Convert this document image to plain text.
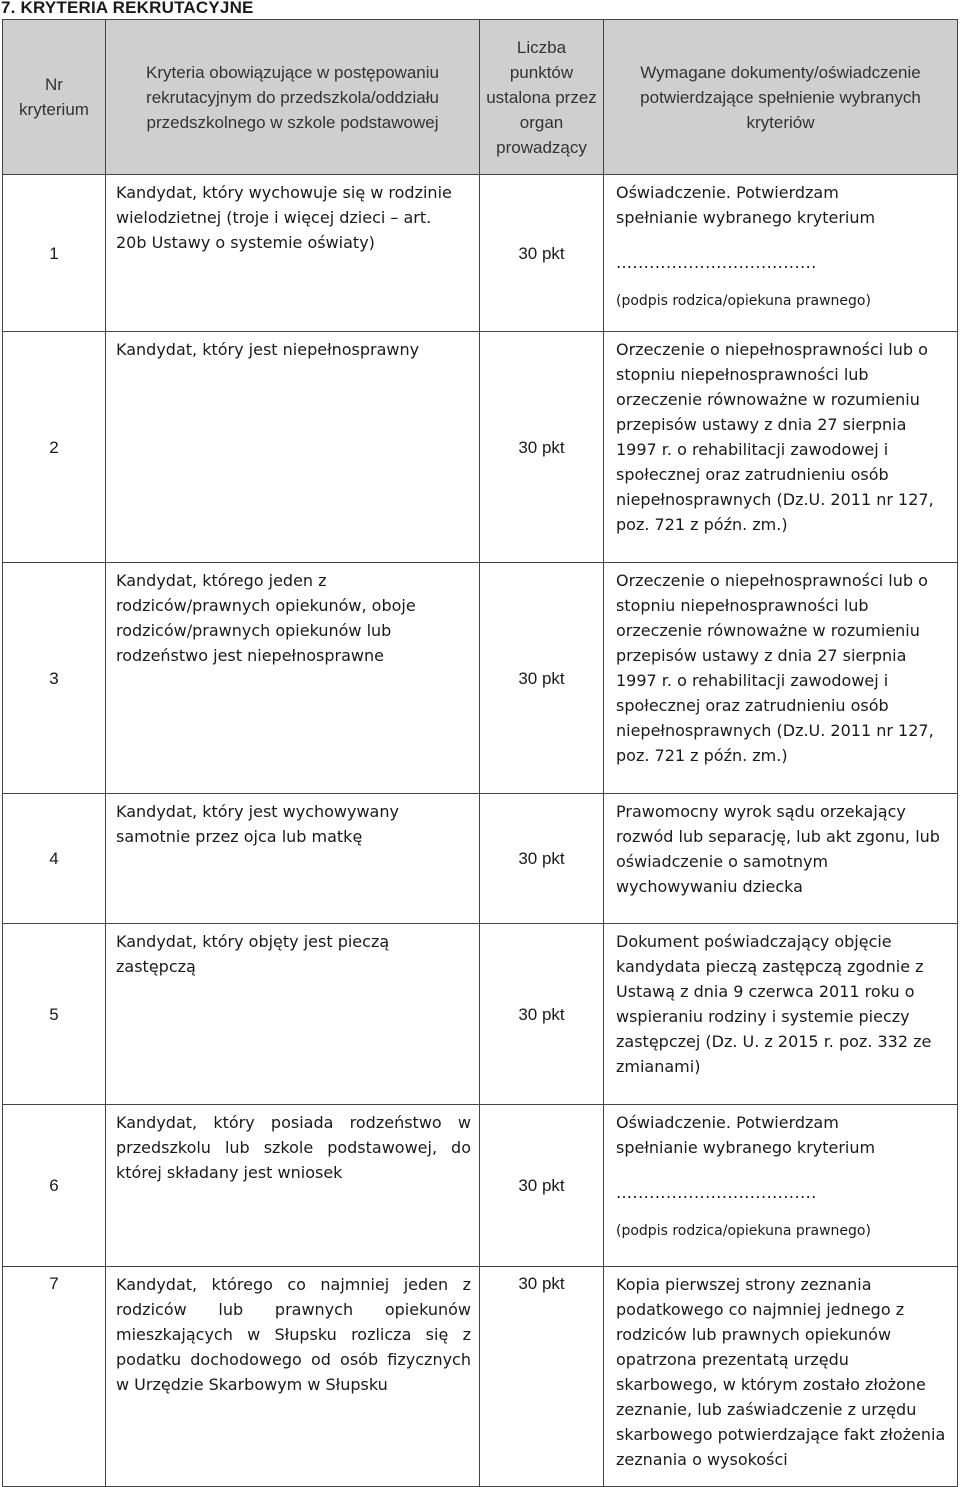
7. KRYTERIA REKRUTACYJNE
Nr kryterium	Kryteria obowiązujące w postępowaniu rekrutacyjnym do przedszkola/oddziału przedszkolnego w szkole podstawowej	Liczba punktów ustalona przez organ prowadzący	Wymagane dokumenty/oświadczenie potwierdzające spełnienie wybranych kryteriów

1	Kandydat, który wychowuje się w rodzinie wielodzietnej (troje i więcej dzieci – art. 20b Ustawy o systemie oświaty)	30 pkt	Oświadczenie. Potwierdzam spełnianie wybranego kryterium
….................................
(podpis rodzica/opiekuna prawnego)

2	Kandydat, który jest niepełnosprawny	30 pkt	Orzeczenie o niepełnosprawności lub o stopniu niepełnosprawności lub orzeczenie równoważne w rozumieniu przepisów ustawy z dnia 27 sierpnia 1997 r. o rehabilitacji zawodowej i społecznej oraz zatrudnieniu osób niepełnosprawnych (Dz.U. 2011 nr 127, poz. 721 z późn. zm.)
3	Kandydat, którego jeden z rodziców/prawnych opiekunów, oboje rodziców/prawnych opiekunów lub rodzeństwo jest niepełnosprawne	30 pkt	Orzeczenie o niepełnosprawności lub o stopniu niepełnosprawności lub orzeczenie równoważne w rozumieniu przepisów ustawy z dnia 27 sierpnia 1997 r. o rehabilitacji zawodowej i społecznej oraz zatrudnieniu osób niepełnosprawnych (Dz.U. 2011 nr 127, poz. 721 z późn. zm.)
4	Kandydat, który jest wychowywany samotnie przez ojca lub matkę	30 pkt	Prawomocny wyrok sądu orzekający rozwód lub separację, lub akt zgonu, lub oświadczenie o samotnym wychowywaniu dziecka
5	Kandydat, który objęty jest pieczą zastępczą	30 pkt	Dokument poświadczający objęcie kandydata pieczą zastępczą zgodnie z Ustawą z dnia 9 czerwca 2011 roku o wspieraniu rodziny i systemie pieczy zastępczej (Dz. U. z 2015 r. poz. 332 ze zmianami)
6	Kandydat, który posiada rodzeństwo w przedszkolu lub szkole podstawowej, do której składany jest wniosek	30 pkt	Oświadczenie. Potwierdzam spełnianie wybranego kryterium
….................................
(podpis rodzica/opiekuna prawnego)

7	Kandydat, którego co najmniej jeden z rodziców lub prawnych opiekunów mieszkających w Słupsku rozlicza się z podatku dochodowego od osób fizycznych w Urzędzie Skarbowym w Słupsku	30 pkt	Kopia pierwszej strony zeznania podatkowego co najmniej jednego z rodziców lub prawnych opiekunów opatrzona prezentatą urzędu skarbowego, w którym zostało złożone zeznanie, lub zaświadczenie z urzędu skarbowego potwierdzające fakt złożenia zeznania o wysokości
